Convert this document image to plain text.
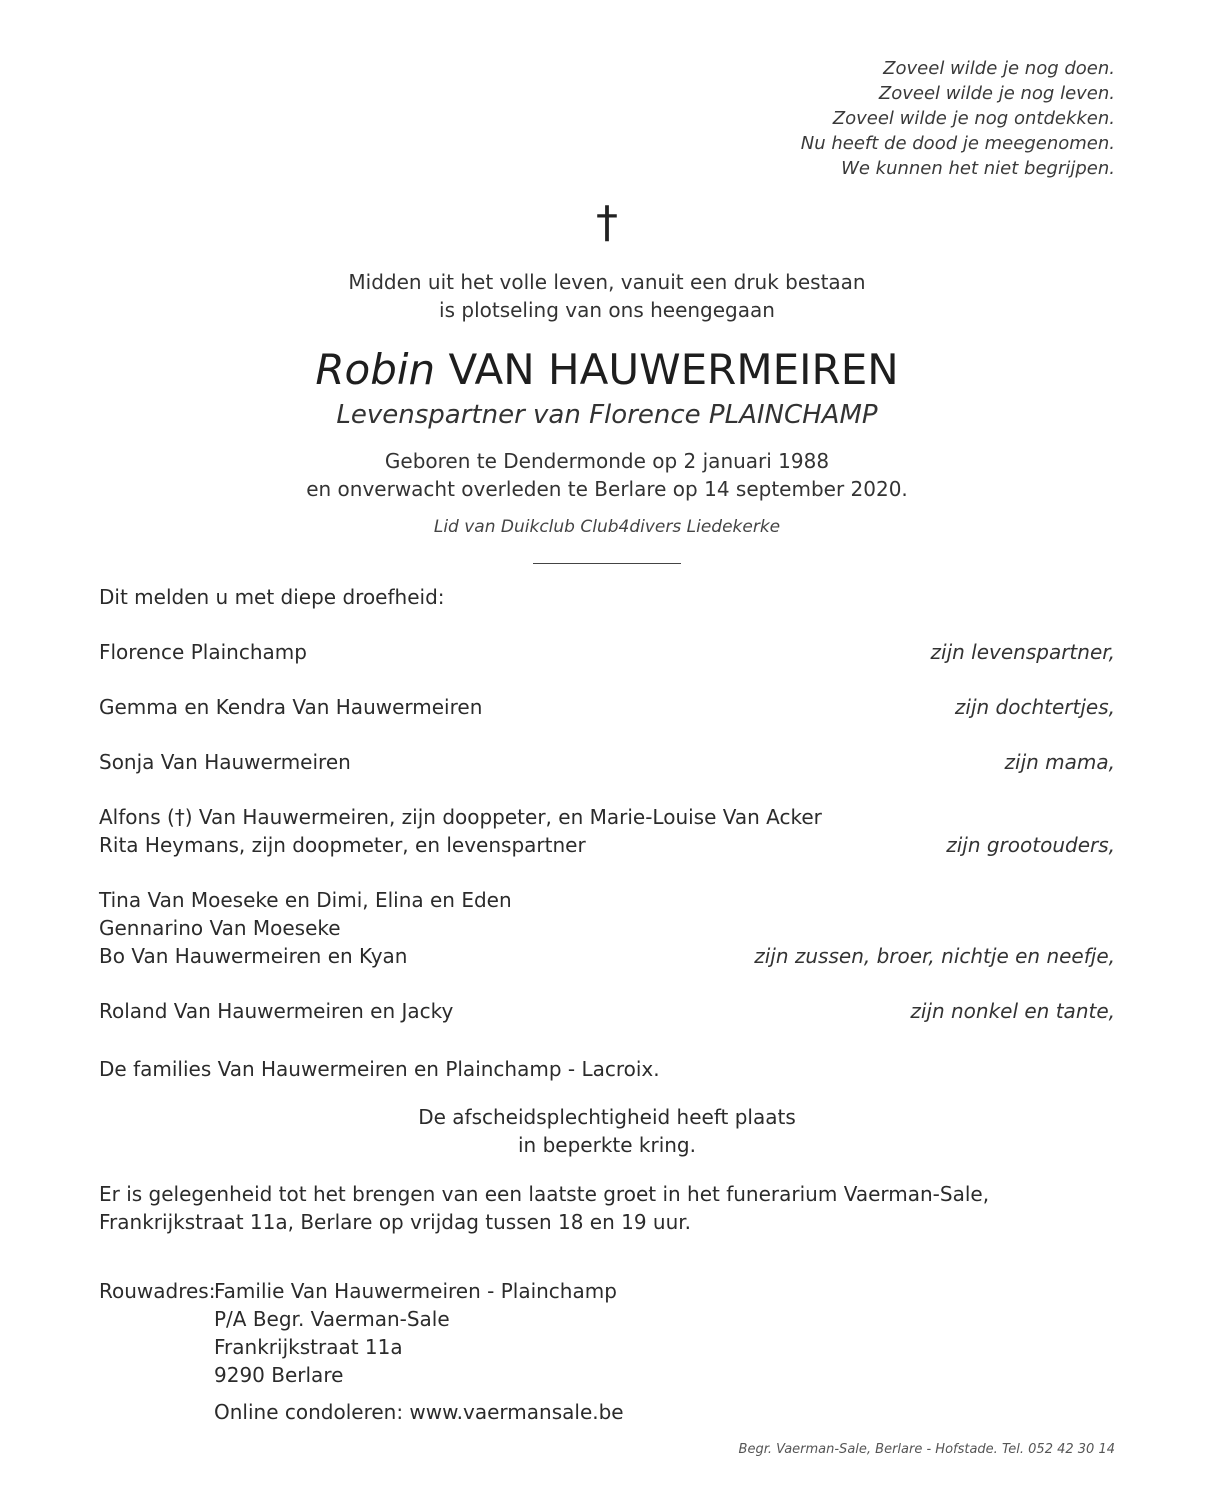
Zoveel wilde je nog doen.
Zoveel wilde je nog leven.
Zoveel wilde je nog ontdekken.
Nu heeft de dood je meegenomen.
We kunnen het niet begrijpen.
†
Midden uit het volle leven, vanuit een druk bestaan
is plotseling van ons heengegaan
Robin VAN HAUWERMEIREN
Levenspartner van Florence PLAINCHAMP
Geboren te Dendermonde op 2 januari 1988
en onverwacht overleden te Berlare op 14 september 2020.
Lid van Duikclub Club4divers Liedekerke
Dit melden u met diepe droefheid:
Florence Plainchamp	zijn levenspartner,
Gemma en Kendra Van Hauwermeiren	zijn dochtertjes,
Sonja Van Hauwermeiren	zijn mama,
Alfons (†) Van Hauwermeiren, zijn dooppeter, en Marie-Louise Van Acker
Rita Heymans, zijn doopmeter, en levenspartner	zijn grootouders,
Tina Van Moeseke en Dimi, Elina en Eden
Gennarino Van Moeseke
Bo Van Hauwermeiren en Kyan	zijn zussen, broer, nichtje en neefje,
Roland Van Hauwermeiren en Jacky	zijn nonkel en tante,
De families Van Hauwermeiren en Plainchamp - Lacroix.
De afscheidsplechtigheid heeft plaats
in beperkte kring.
Er is gelegenheid tot het brengen van een laatste groet in het funerarium Vaerman-Sale,
Frankrijkstraat 11a, Berlare op vrijdag tussen 18 en 19 uur.
Rouwadres:
Familie Van Hauwermeiren - Plainchamp
P/A Begr. Vaerman-Sale
Frankrijkstraat 11a
9290 Berlare
Online condoleren: www.vaermansale.be
Begr. Vaerman-Sale, Berlare - Hofstade. Tel. 052 42 30 14
